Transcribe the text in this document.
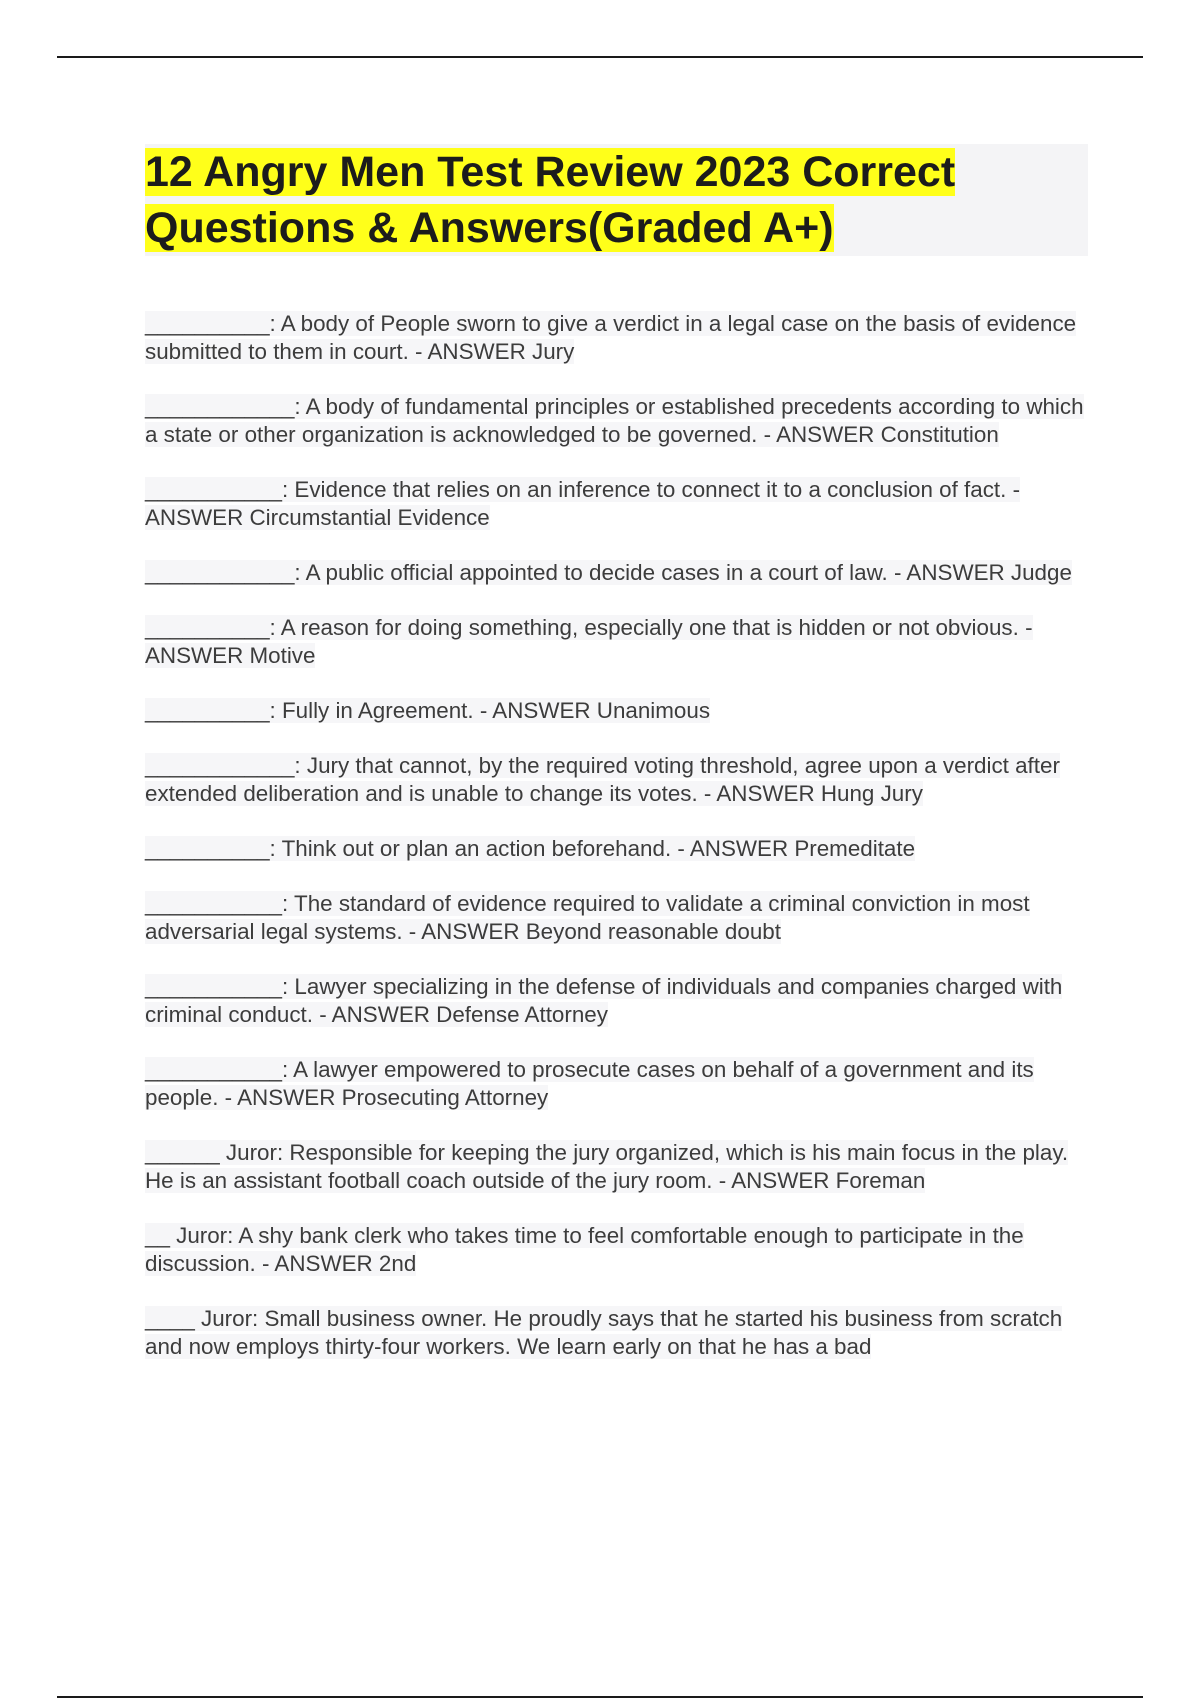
12 Angry Men Test Review 2023 Correct Questions & Answers(Graded A+)

__________: A body of People sworn to give a verdict in a legal case on the basis of evidence submitted to them in court. - ANSWER Jury

____________: A body of fundamental principles or established precedents according to which a state or other organization is acknowledged to be governed. - ANSWER Constitution

___________: Evidence that relies on an inference to connect it to a conclusion of fact. - ANSWER Circumstantial Evidence

____________: A public official appointed to decide cases in a court of law. - ANSWER Judge

__________: A reason for doing something, especially one that is hidden or not obvious. - ANSWER Motive

__________: Fully in Agreement. - ANSWER Unanimous

____________: Jury that cannot, by the required voting threshold, agree upon a verdict after extended deliberation and is unable to change its votes. - ANSWER Hung Jury

__________: Think out or plan an action beforehand. - ANSWER Premeditate

___________: The standard of evidence required to validate a criminal conviction in most adversarial legal systems. - ANSWER Beyond reasonable doubt

___________: Lawyer specializing in the defense of individuals and companies charged with criminal conduct. - ANSWER Defense Attorney

___________: A lawyer empowered to prosecute cases on behalf of a government and its people. - ANSWER Prosecuting Attorney

______ Juror: Responsible for keeping the jury organized, which is his main focus in the play. He is an assistant football coach outside of the jury room. - ANSWER Foreman

__ Juror: A shy bank clerk who takes time to feel comfortable enough to participate in the discussion. - ANSWER 2nd

____ Juror: Small business owner. He proudly says that he started his business from scratch and now employs thirty-four workers. We learn early on that he has a bad
